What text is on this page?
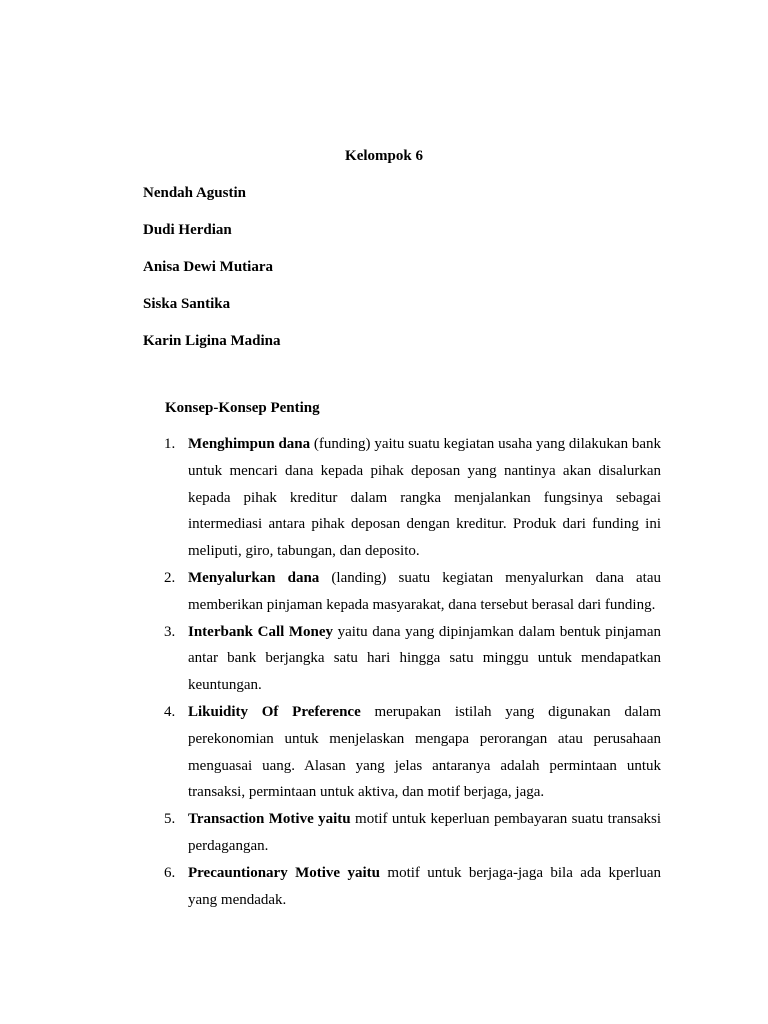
Kelompok 6
Nendah Agustin
Dudi Herdian
Anisa Dewi Mutiara
Siska Santika
Karin Ligina Madina
Konsep-Konsep Penting
1. Menghimpun dana (funding) yaitu suatu kegiatan usaha yang dilakukan bank untuk mencari dana kepada pihak deposan yang nantinya akan disalurkan kepada pihak kreditur dalam rangka menjalankan fungsinya sebagai intermediasi antara pihak deposan dengan kreditur. Produk dari funding ini meliputi, giro, tabungan, dan deposito.
2. Menyalurkan dana (landing) suatu kegiatan menyalurkan dana atau memberikan pinjaman kepada masyarakat, dana tersebut berasal dari funding.
3. Interbank Call Money yaitu dana yang dipinjamkan dalam bentuk pinjaman antar bank berjangka satu hari hingga satu minggu untuk mendapatkan keuntungan.
4. Likuidity Of Preference merupakan istilah yang digunakan dalam perekonomian untuk menjelaskan mengapa perorangan atau perusahaan menguasai uang. Alasan yang jelas antaranya adalah permintaan untuk transaksi, permintaan untuk aktiva, dan motif berjaga, jaga.
5. Transaction Motive yaitu motif untuk keperluan pembayaran suatu transaksi perdagangan.
6. Precauntionary Motive yaitu motif untuk berjaga-jaga bila ada kperluan yang mendadak.
